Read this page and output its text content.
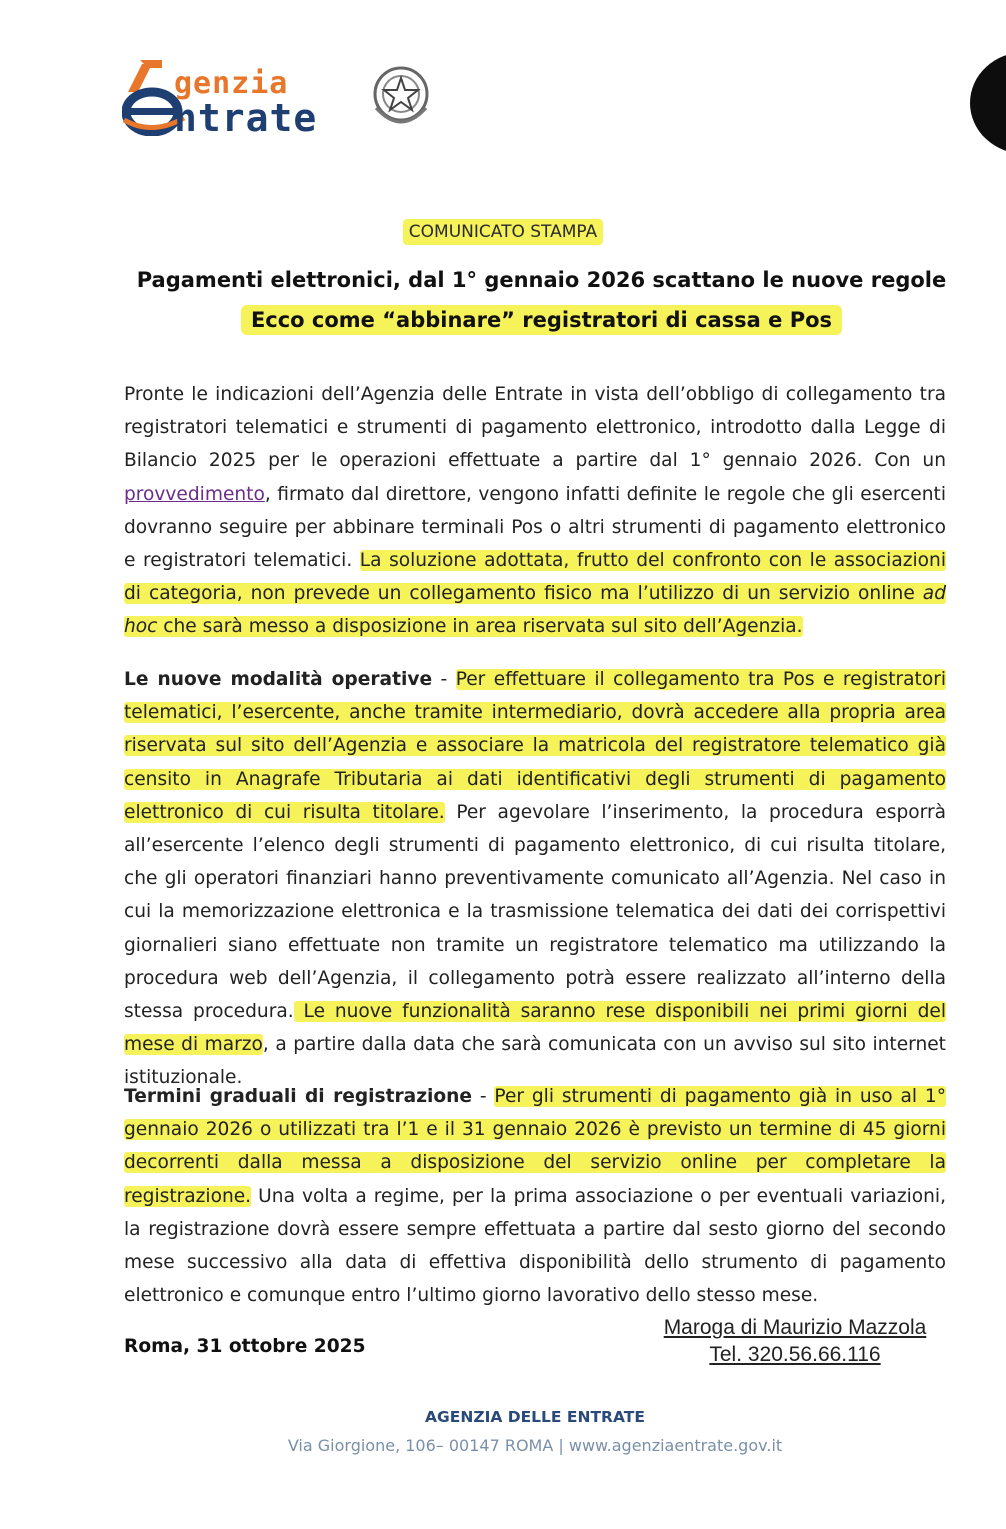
genzia
ntrate
COMUNICATO STAMPA
Pagamenti elettronici, dal 1° gennaio 2026 scattano le nuove regole
Ecco come “abbinare” registratori di cassa e Pos
Pronte le indicazioni dell’Agenzia delle Entrate in vista dell’obbligo di collegamento tra registratori telematici e strumenti di pagamento elettronico, introdotto dalla Legge di Bilancio 2025 per le operazioni effettuate a partire dal 1° gennaio 2026. Con un provvedimento, firmato dal direttore, vengono infatti definite le regole che gli esercenti dovranno seguire per abbinare terminali Pos o altri strumenti di pagamento elettronico e registratori telematici. La soluzione adottata, frutto del confronto con le associazioni di categoria, non prevede un collegamento fisico ma l’utilizzo di un servizio online ad hoc che sarà messo a disposizione in area riservata sul sito dell’Agenzia.
Le nuove modalità operative - Per effettuare il collegamento tra Pos e registratori telematici, l’esercente, anche tramite intermediario, dovrà accedere alla propria area riservata sul sito dell’Agenzia e associare la matricola del registratore telematico già censito in Anagrafe Tributaria ai dati identificativi degli strumenti di pagamento elettronico di cui risulta titolare. Per agevolare l’inserimento, la procedura esporrà all’esercente l’elenco degli strumenti di pagamento elettronico, di cui risulta titolare, che gli operatori finanziari hanno preventivamente comunicato all’Agenzia. Nel caso in cui la memorizzazione elettronica e la trasmissione telematica dei dati dei corrispettivi giornalieri siano effettuate non tramite un registratore telematico ma utilizzando la procedura web dell’Agenzia, il collegamento potrà essere realizzato all’interno della stessa procedura. Le nuove funzionalità saranno rese disponibili nei primi giorni del mese di marzo, a partire dalla data che sarà comunicata con un avviso sul sito internet istituzionale.
Termini graduali di registrazione - Per gli strumenti di pagamento già in uso al 1° gennaio 2026 o utilizzati tra l’1 e il 31 gennaio 2026 è previsto un termine di 45 giorni decorrenti dalla messa a disposizione del servizio online per completare la registrazione. Una volta a regime, per la prima associazione o per eventuali variazioni, la registrazione dovrà essere sempre effettuata a partire dal sesto giorno del secondo mese successivo alla data di effettiva disponibilità dello strumento di pagamento elettronico e comunque entro l’ultimo giorno lavorativo dello stesso mese.
Roma, 31 ottobre 2025
Maroga di Maurizio Mazzola
Tel. 320.56.66.116
AGENZIA DELLE ENTRATE
Via Giorgione, 106– 00147 ROMA | www.agenziaentrate.gov.it
